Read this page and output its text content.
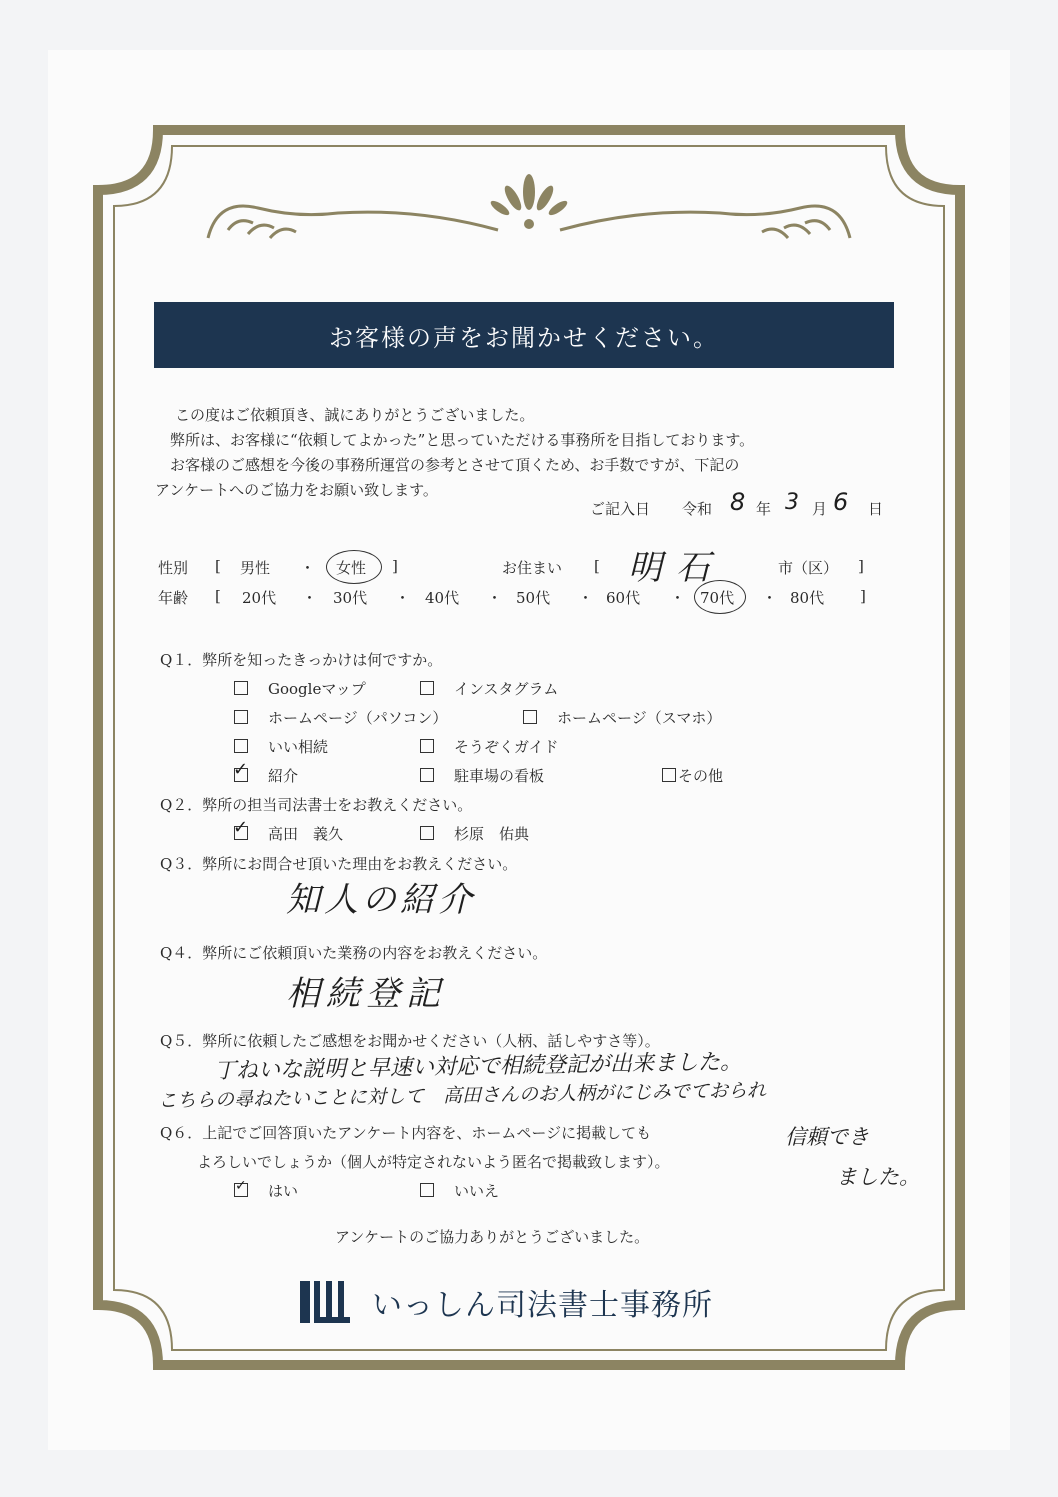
お客様の声をお聞かせください。
この度はご依頼頂き、誠にありがとうございました。
弊所は、お客様に“依頼してよかった”と思っていただける事務所を目指しております。
お客様のご感想を今後の事務所運営の参考とさせて頂くため、お手数ですが、下記の
アンケートへのご協力をお願い致します。
ご記入日 令和 8 年 3 月 6 日
性別 [ 男性 ・ 女性 ]	お住まい [ 明石	市（区） ]
年齢 [ 20代 ・ 30代 ・ 40代 ・ 50代 ・ 60代 ・ 70代 ・ 80代 ]
Q１．弊所を知ったきっかけは何ですか。
Googleマップ	インスタグラム
ホームページ（パソコン）	ホームページ（スマホ）
いい相続	そうぞくガイド
✓ 紹介	駐車場の看板	その他
Q２．弊所の担当司法書士をお教えください。
✓ 高田　義久	杉原　佑典
Q３．弊所にお問合せ頂いた理由をお教えください。
知人の紹介
Q４．弊所にご依頼頂いた業務の内容をお教えください。
相続登記
Q５．弊所に依頼したご感想をお聞かせください（人柄、話しやすさ等）。
丁ねいな説明と早速い対応で相続登記が出来ました。
こちらの尋ねたいことに対して　高田さんのお人柄がにじみでておられ
信頼でき
ました。
Q６．上記でご回答頂いたアンケート内容を、ホームページに掲載しても
よろしいでしょうか（個人が特定されないよう匿名で掲載致します）。
✓ はい	いいえ
アンケートのご協力ありがとうございました。
いっしん司法書士事務所
